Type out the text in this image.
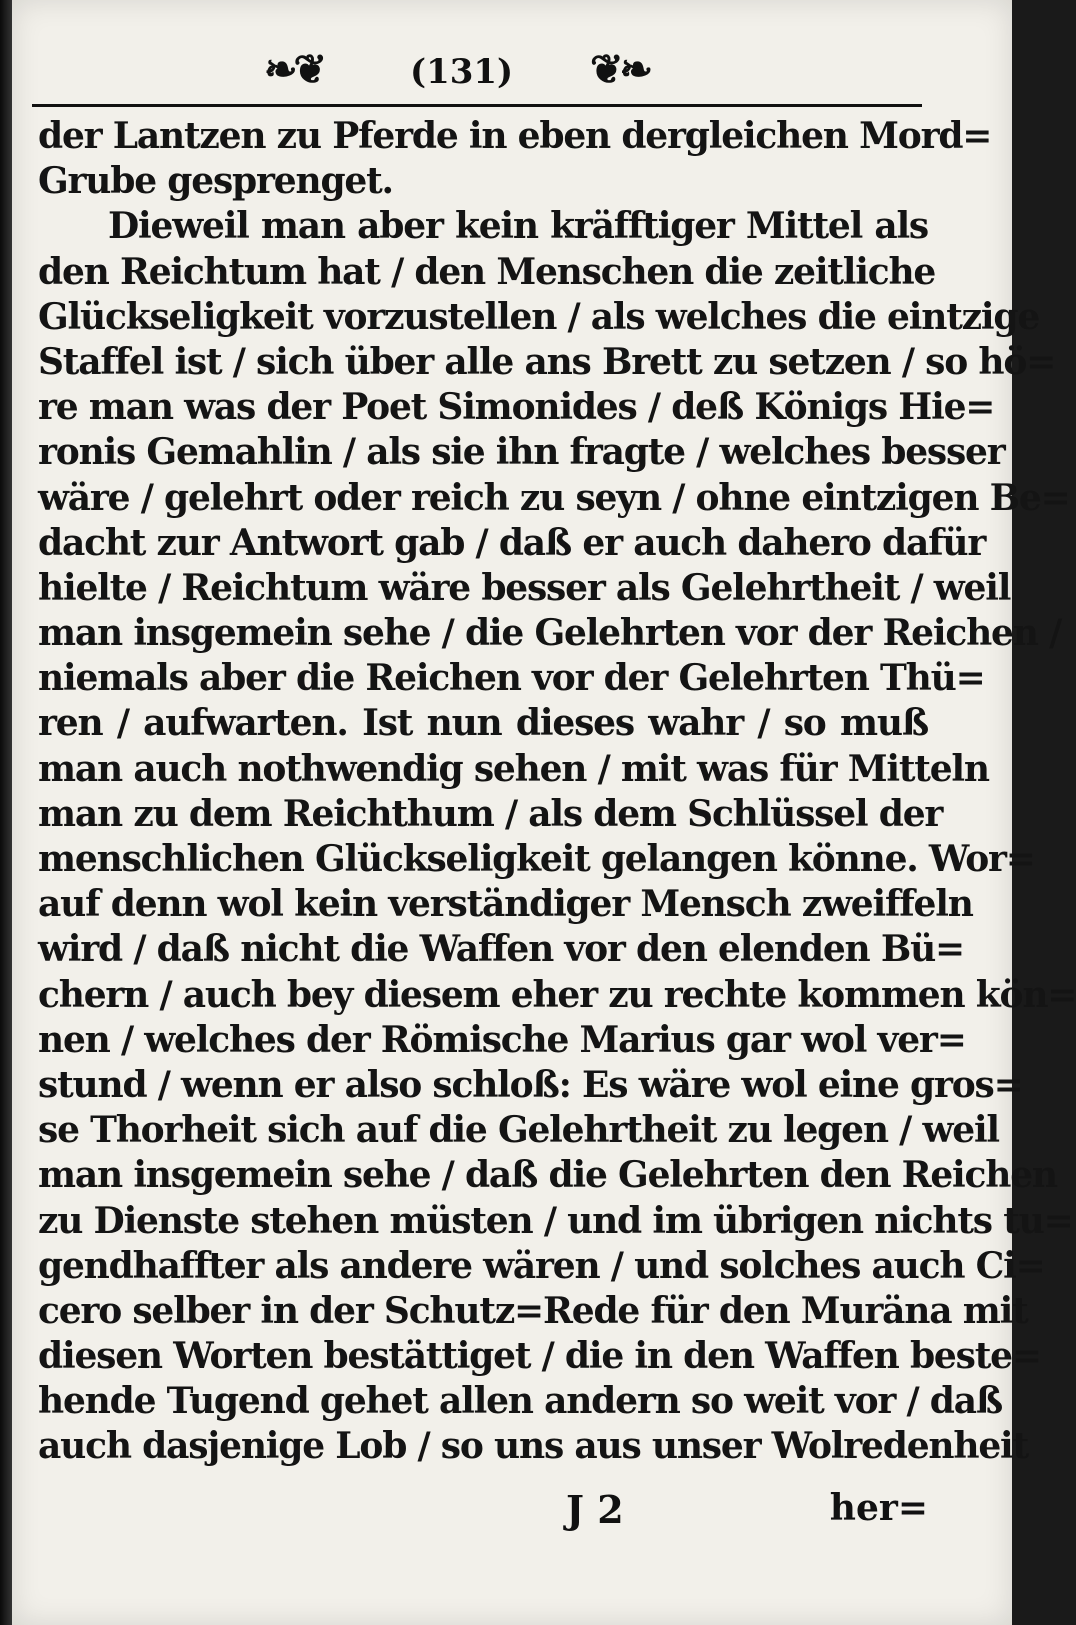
❧❦	(131) ❦❧
der Lantzen zu Pferde in eben dergleichen Mord=
Grube gesprenget.
Dieweil man aber kein kräfftiger Mittel als
den Reichtum hat / den Menschen die zeitliche
Glückseligkeit vorzustellen / als welches die eintzige
Staffel ist / sich über alle ans Brett zu setzen / so hö=
re man was der Poet Simonides / deß Königs Hie=
ronis Gemahlin / als sie ihn fragte / welches besser
wäre / gelehrt oder reich zu seyn / ohne eintzigen Be=
dacht zur Antwort gab / daß er auch dahero dafür
hielte / Reichtum wäre besser als Gelehrtheit / weil
man insgemein sehe / die Gelehrten vor der Reichen /
niemals aber die Reichen vor der Gelehrten Thü=
ren / aufwarten. Ist nun dieses wahr / so muß
man auch nothwendig sehen / mit was für Mitteln
man zu dem Reichthum / als dem Schlüssel der
menschlichen Glückseligkeit gelangen könne. Wor=
auf denn wol kein verständiger Mensch zweiffeln
wird / daß nicht die Waffen vor den elenden Bü=
chern / auch bey diesem eher zu rechte kommen kön=
nen / welches der Römische Marius gar wol ver=
stund / wenn er also schloß: Es wäre wol eine gros=
se Thorheit sich auf die Gelehrtheit zu legen / weil
man insgemein sehe / daß die Gelehrten den Reichen
zu Dienste stehen müsten / und im übrigen nichts tu=
gendhaffter als andere wären / und solches auch Ci=
cero selber in der Schutz=Rede für den Muräna mit
diesen Worten bestättiget / die in den Waffen beste=
hende Tugend gehet allen andern so weit vor / daß
auch dasjenige Lob / so uns aus unser Wolredenheit
J 2	her=
